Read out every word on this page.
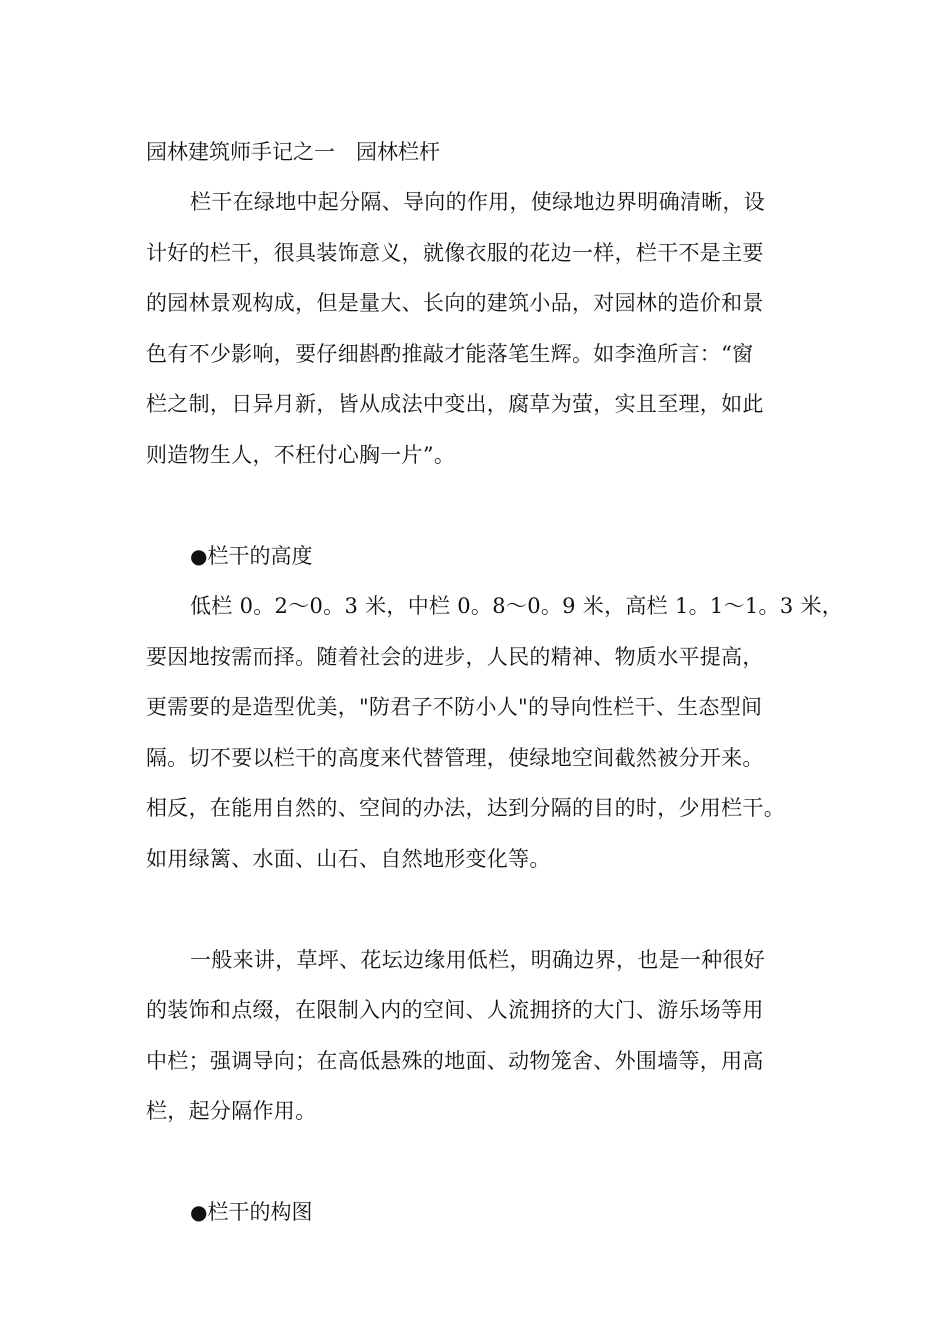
园林建筑师手记之一　园林栏杆
栏干在绿地中起分隔、导向的作用，使绿地边界明确清晰，设
计好的栏干，很具装饰意义，就像衣服的花边一样，栏干不是主要
的园林景观构成，但是量大、长向的建筑小品，对园林的造价和景
色有不少影响，要仔细斟酌推敲才能落笔生辉。如李渔所言：“窗
栏之制，日异月新，皆从成法中变出，腐草为萤，实且至理，如此
则造物生人，不枉付心胸一片”。
●栏干的高度
低栏 0。2～0。3 米，中栏 0。8～0。9 米，高栏 1。1～1。3 米，
要因地按需而择。随着社会的进步，人民的精神、物质水平提高，
更需要的是造型优美，"防君子不防小人"的导向性栏干、生态型间
隔。切不要以栏干的高度来代替管理，使绿地空间截然被分开来。
相反，在能用自然的、空间的办法，达到分隔的目的时，少用栏干。
如用绿篱、水面、山石、自然地形变化等。
一般来讲，草坪、花坛边缘用低栏，明确边界，也是一种很好
的装饰和点缀，在限制入内的空间、人流拥挤的大门、游乐场等用
中栏；强调导向；在高低悬殊的地面、动物笼舍、外围墙等，用高
栏，起分隔作用。
●栏干的构图
